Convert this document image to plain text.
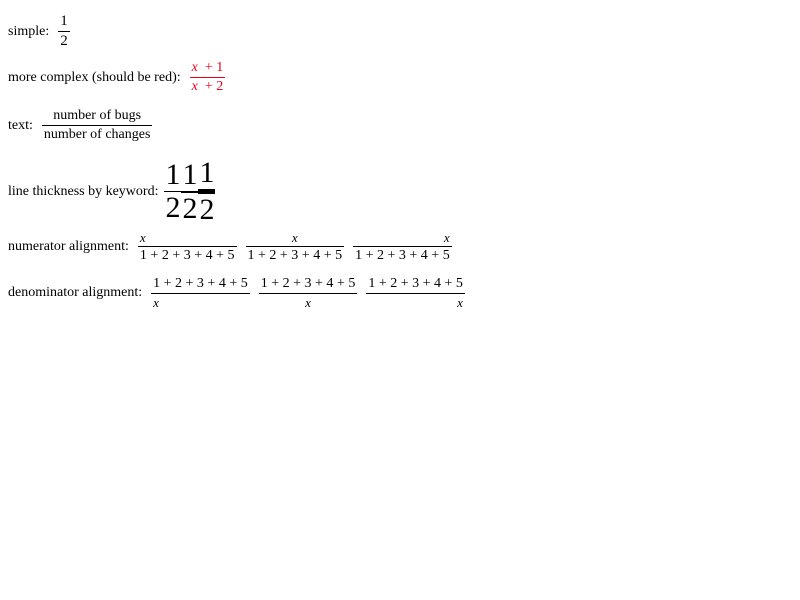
simple: $\frac{1}{2}$
more complex (should be red): $\frac{x + 1}{x + 2}$
text: $\frac{\text{number of bugs}}{\text{number of changes}}$
line thickness by keyword: $\frac{1}{2} \frac{1}{2} 1$
2
numerator alignment: $\frac{x}{1 + 2 + 3 + 4 + 5} \frac{x}{1 + 2 + 3 + 4 + 5} \frac{x}{1 + 2 + 3 + 4 + 5}$
denominator alignment: $\frac{1 + 2 + 3 + 4 + 5}{x} \frac{1 + 2 + 3 + 4 + 5}{x} \frac{1 + 2 + 3 + 4 + 5}{x}$
